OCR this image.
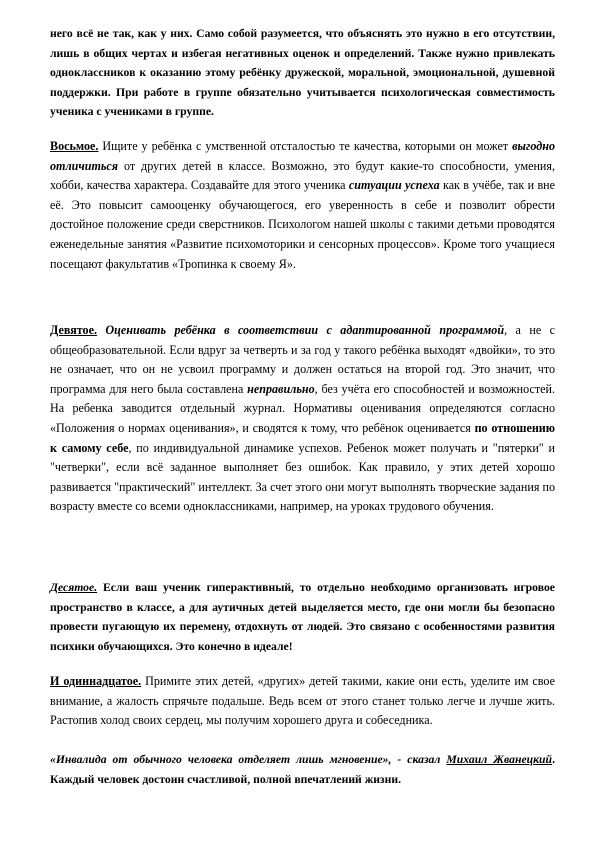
него всё не так, как у них. Само собой разумеется, что объяснять это нужно в его отсутствии, лишь в общих чертах и избегая негативных оценок и определений. Также нужно привлекать одноклассников к оказанию этому ребёнку дружеской, моральной, эмоциональной, душевной поддержки. При работе в группе обязательно учитывается психологическая совместимость ученика с учениками в группе.

Восьмое. Ищите у ребёнка с умственной отсталостью те качества, которыми он может выгодно отличиться от других детей в классе. Возможно, это будут какие-то способности, умения, хобби, качества характера. Создавайте для этого ученика ситуации успеха как в учёбе, так и вне её. Это повысит самооценку обучающегося, его уверенность в себе и позволит обрести достойное положение среди сверстников. Психологом нашей школы с такими детьми проводятся еженедельные занятия «Развитие психомоторики и сенсорных процессов». Кроме того учащиеся посещают факультатив «Тропинка к своему Я».

Девятое. Оценивать ребёнка в соответствии с адаптированной программой, а не с общеобразовательной. Если вдруг за четверть и за год у такого ребёнка выходят «двойки», то это не означает, что он не усвоил программу и должен остаться на второй год. Это значит, что программа для него была составлена неправильно, без учёта его способностей и возможностей. На ребенка заводится отдельный журнал. Нормативы оценивания определяются согласно «Положения о нормах оценивания», и сводятся к тому, что ребёнок оценивается по отношению к самому себе, по индивидуальной динамике успехов. Ребенок может получать и "пятерки" и "четверки", если всё заданное выполняет без ошибок. Как правило, у этих детей хорошо развивается "практический" интеллект. За счет этого они могут выполнять творческие задания по возрасту вместе со всеми одноклассниками, например, на уроках трудового обучения.

Десятое. Если ваш ученик гиперактивный, то отдельно необходимо организовать игровое пространство в классе, а для аутичных детей выделяется место, где они могли бы безопасно провести пугающую их перемену, отдохнуть от людей. Это связано с особенностями развития психики обучающихся. Это конечно в идеале!

И одиннадцатое. Примите этих детей, «других» детей такими, какие они есть, уделите им свое внимание, а жалость спрячьте подальше. Ведь всем от этого станет только легче и лучше жить. Растопив холод своих сердец, мы получим хорошего друга и собеседника.

«Инвалида от обычного человека отделяет лишь мгновение», - сказал Михаил Жванецкий. Каждый человек достоин счастливой, полной впечатлений жизни.
